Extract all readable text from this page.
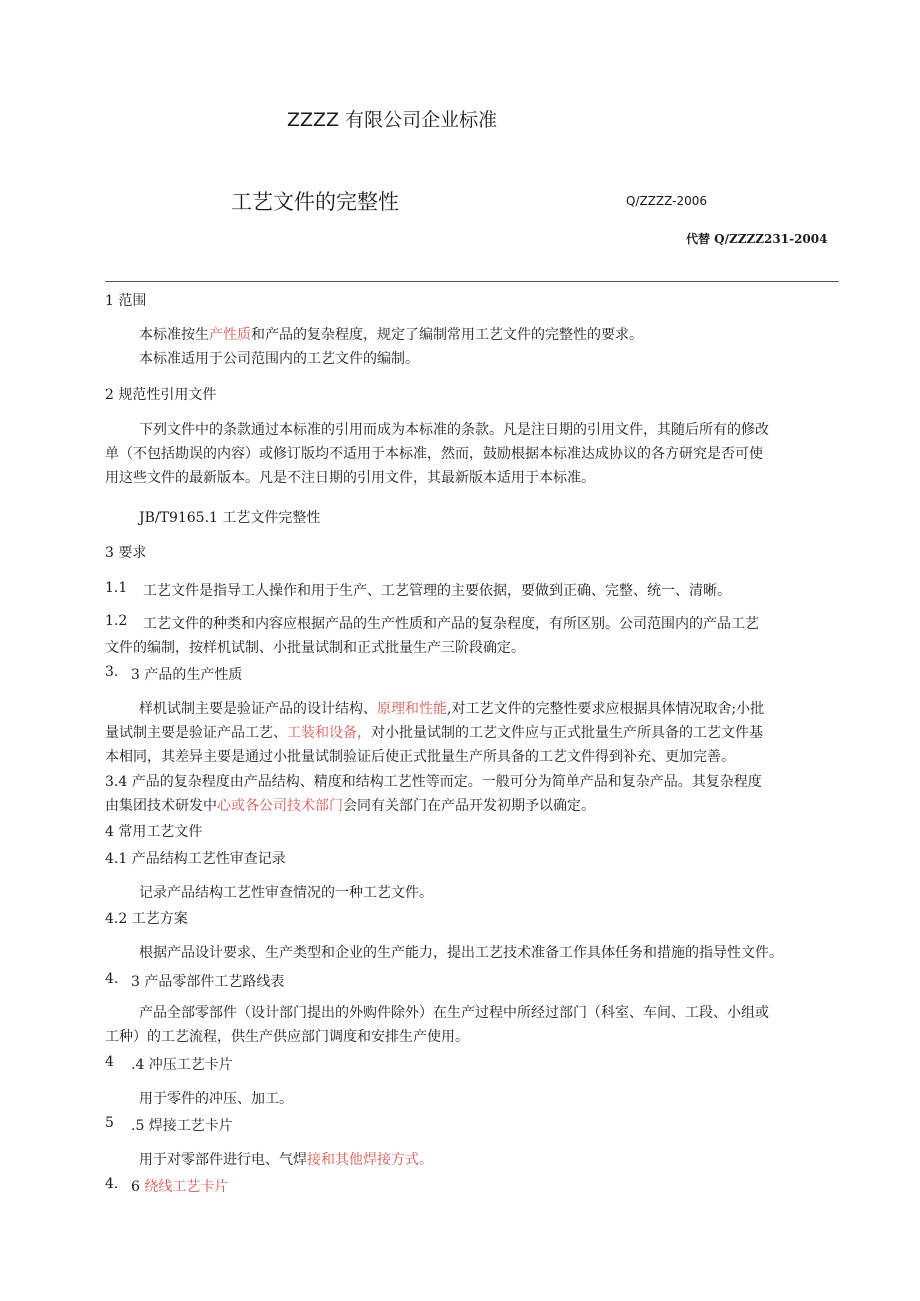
ZZZZ 有限公司企业标准
工艺文件的完整性	Q/ZZZZ-2006
代替 Q/ZZZZ231-2004
1 范围
本标准按生产性质和产品的复杂程度，规定了编制常用工艺文件的完整性的要求。
本标准适用于公司范围内的工艺文件的编制。
2 规范性引用文件
下列文件中的条款通过本标准的引用而成为本标准的条款。凡是注日期的引用文件，其随后所有的修改
单（不包括勘误的内容）或修订版均不适用于本标准，然而，鼓励根据本标准达成协议的各方研究是否可使
用这些文件的最新版本。凡是不注日期的引用文件，其最新版本适用于本标准。
JB/T9165.1 工艺文件完整性
3 要求
1.1 工艺文件是指导工人操作和用于生产、工艺管理的主要依据，要做到正确、完整、统一、清晰。
1.2 工艺文件的种类和内容应根据产品的生产性质和产品的复杂程度，有所区别。公司范围内的产品工艺
文件的编制，按样机试制、小批量试制和正式批量生产三阶段确定。
3. 3 产品的生产性质
样机试制主要是验证产品的设计结构、原理和性能,对工艺文件的完整性要求应根据具体情况取舍;小批
量试制主要是验证产品工艺、工装和设备，对小批量试制的工艺文件应与正式批量生产所具备的工艺文件基
本相同，其差异主要是通过小批量试制验证后使正式批量生产所具备的工艺文件得到补充、更加完善。
3.4 产品的复杂程度由产品结构、精度和结构工艺性等而定。一般可分为简单产品和复杂产品。其复杂程度
由集团技术研发中心或各公司技术部门会同有关部门在产品开发初期予以确定。
4 常用工艺文件
4.1 产品结构工艺性审查记录
记录产品结构工艺性审查情况的一种工艺文件。
4.2 工艺方案
根据产品设计要求、生产类型和企业的生产能力，提出工艺技术准备工作具体任务和措施的指导性文件。
4. 3 产品零部件工艺路线表
产品全部零部件（设计部门提出的外购件除外）在生产过程中所经过部门（科室、车间、工段、小组或
工种）的工艺流程，供生产供应部门调度和安排生产使用。
4 .4 冲压工艺卡片
用于零件的冲压、加工。
5 .5 焊接工艺卡片
用于对零部件进行电、气焊接和其他焊接方式。
4. 6 绕线工艺卡片
